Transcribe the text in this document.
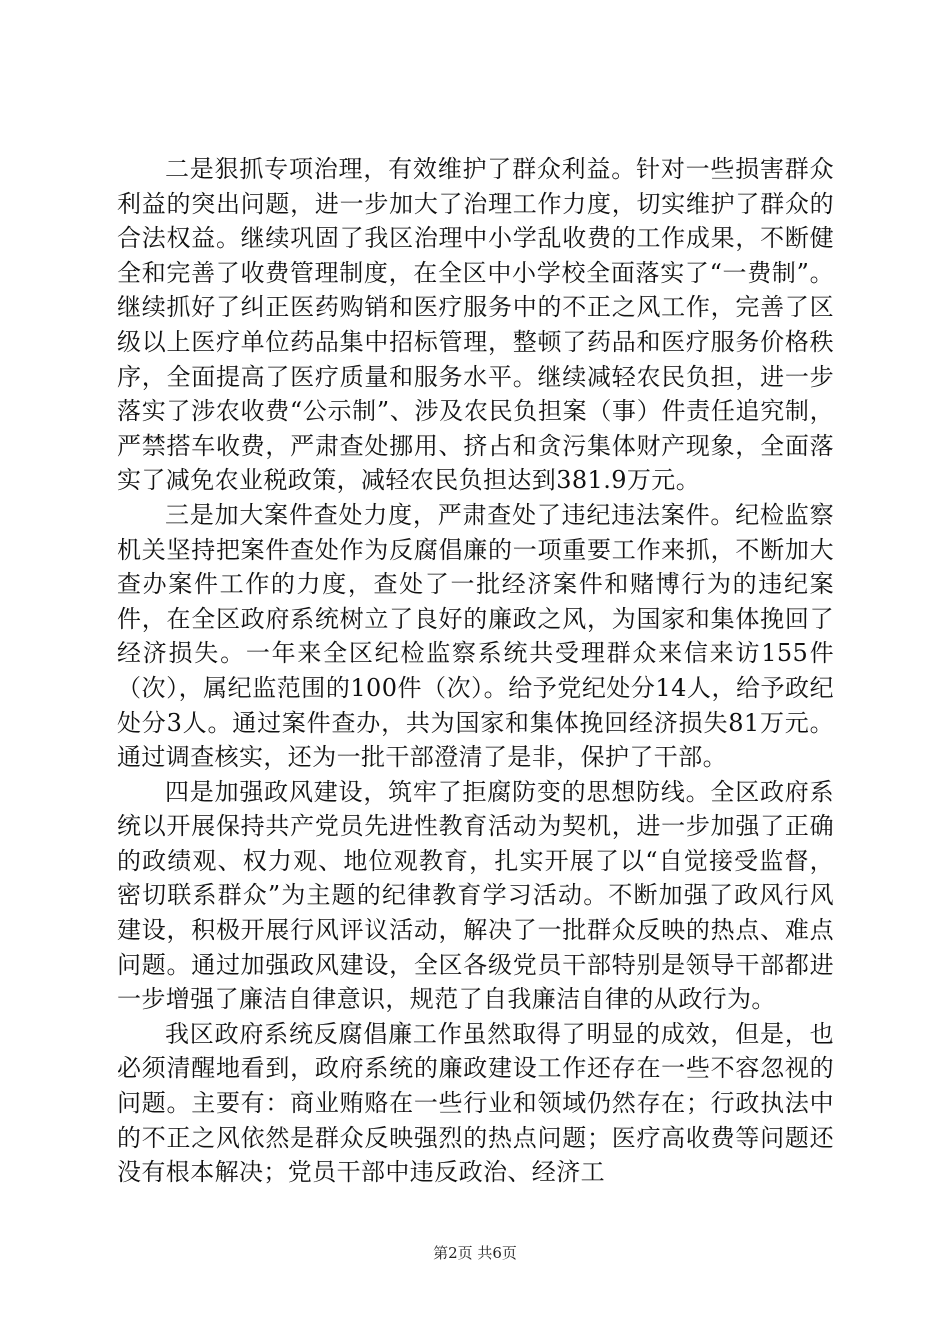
二是狠抓专项治理，有效维护了群众利益。针对一些损害群众利益的突出问题，进一步加大了治理工作力度，切实维护了群众的合法权益。继续巩固了我区治理中小学乱收费的工作成果，不断健全和完善了收费管理制度，在全区中小学校全面落实了“一费制”。继续抓好了纠正医药购销和医疗服务中的不正之风工作，完善了区级以上医疗单位药品集中招标管理，整顿了药品和医疗服务价格秩序，全面提高了医疗质量和服务水平。继续减轻农民负担，进一步落实了涉农收费“公示制”、涉及农民负担案（事）件责任追究制，严禁搭车收费，严肃查处挪用、挤占和贪污集体财产现象，全面落实了减免农业税政策，减轻农民负担达到381.9万元。

三是加大案件查处力度，严肃查处了违纪违法案件。纪检监察机关坚持把案件查处作为反腐倡廉的一项重要工作来抓，不断加大查办案件工作的力度，查处了一批经济案件和赌博行为的违纪案件，在全区政府系统树立了良好的廉政之风，为国家和集体挽回了经济损失。一年来全区纪检监察系统共受理群众来信来访155件（次），属纪监范围的100件（次）。给予党纪处分14人，给予政纪处分3人。通过案件查办，共为国家和集体挽回经济损失81万元。通过调查核实，还为一批干部澄清了是非，保护了干部。

四是加强政风建设，筑牢了拒腐防变的思想防线。全区政府系统以开展保持共产党员先进性教育活动为契机，进一步加强了正确的政绩观、权力观、地位观教育，扎实开展了以“自觉接受监督，密切联系群众”为主题的纪律教育学习活动。不断加强了政风行风建设，积极开展行风评议活动，解决了一批群众反映的热点、难点问题。通过加强政风建设，全区各级党员干部特别是领导干部都进一步增强了廉洁自律意识，规范了自我廉洁自律的从政行为。

我区政府系统反腐倡廉工作虽然取得了明显的成效，但是，也必须清醒地看到，政府系统的廉政建设工作还存在一些不容忽视的问题。主要有：商业贿赂在一些行业和领域仍然存在；行政执法中的不正之风依然是群众反映强烈的热点问题；医疗高收费等问题还没有根本解决；党员干部中违反政治、经济工

第2页 共6页
